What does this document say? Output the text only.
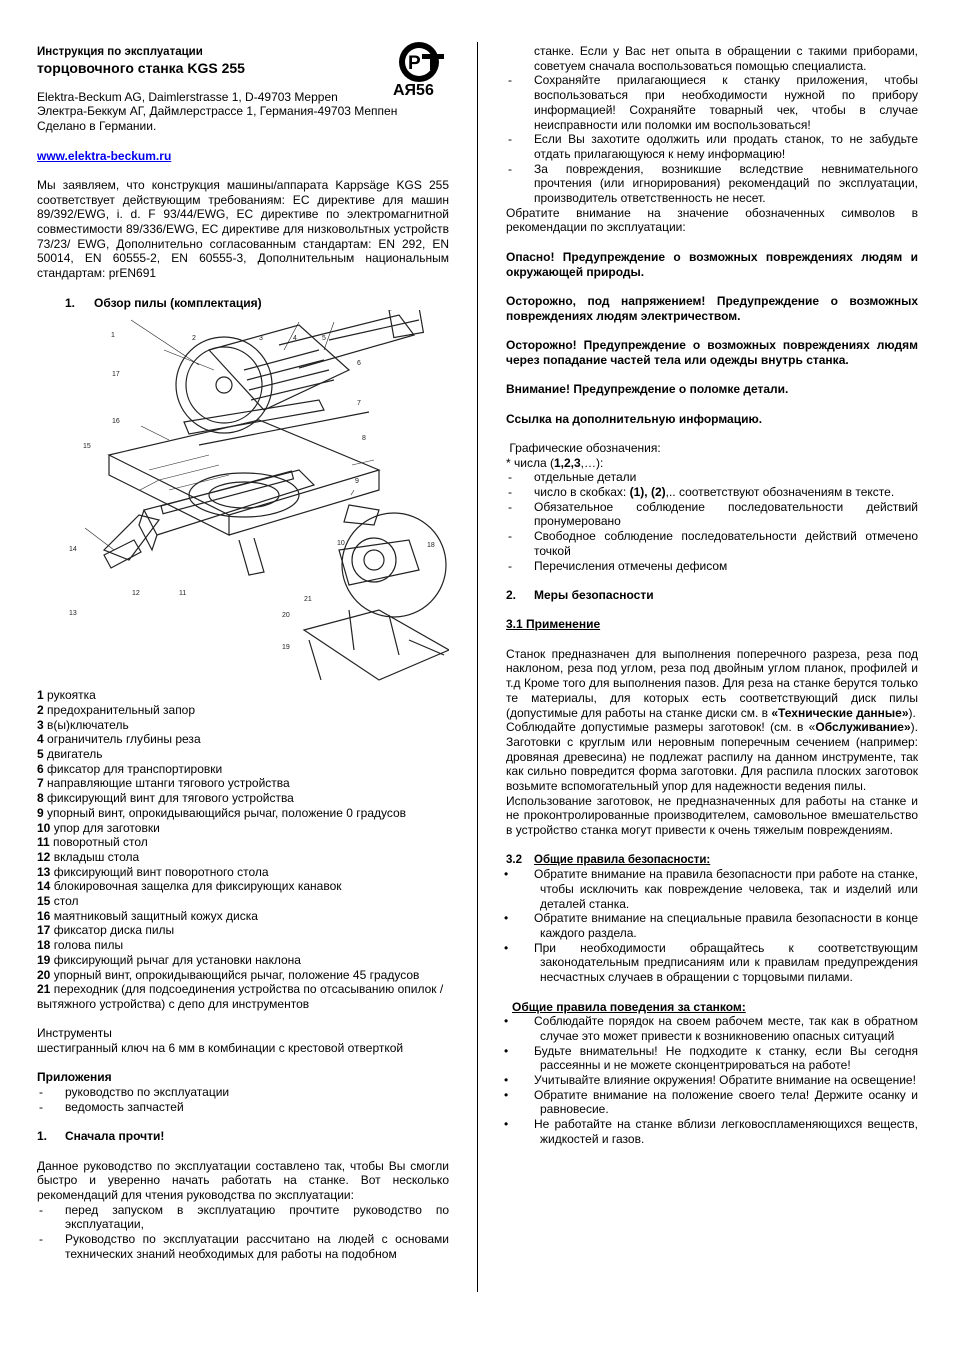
Р
АЯ56

Инструкция по эксплуатации

торцовочного станка KGS 255

Elektra-Beckum AG, Daimlerstrasse 1, D-49703 Meppen

Электра-Беккум АГ, Даймлерстрассе 1, Германия-49703 Меппен

Сделано в Германии.

www.elektra-beckum.ru

Мы заявляем, что конструкция машины/аппарата Kappsäge KGS 255 соответствует действующим требованиям: ЕС директиве для машин 89/392/EWG, i. d. F 93/44/EWG, ЕС директиве по электромагнитной совместимости 89/336/EWG, ЕС директиве для низковольтных устройств 73/23/ EWG, Дополнительно согласованным стандартам: EN 292, EN 50014, EN 60555-2, EN 60555-3, Дополнительным национальным стандартам: prEN691

1. Обзор пилы (комплектация)

1	2	3	4	5
6
7
8
9
10
11
12
13
14
15
16
17
18
19
20
21
1 рукоятка
2 предохранительный запор
3 в(ы)ключатель
4 ограничитель глубины реза
5 двигатель
6 фиксатор для транспортировки
7 направляющие штанги тягового устройства
8 фиксирующий винт для тягового устройства
9 упорный винт, опрокидывающийся рычаг, положение 0 градусов
10 упор для заготовки
11 поворотный стол
12 вкладыш стола
13 фиксирующий винт поворотного стола
14 блокировочная защелка для фиксирующих канавок
15 стол
16 маятниковый защитный кожух диска
17 фиксатор диска пилы
18 голова пилы
19 фиксирующий рычаг для установки наклона
20 упорный винт, опрокидывающийся рычаг, положение 45 градусов
21 переходник (для подсоединения устройства по отсасыванию опилок / вытяжного устройства) с депо для инструментов

Инструменты

шестигранный ключ на 6 мм в комбинации с крестовой отверткой

Приложения

- руководство по эксплуатации
- ведомость запчастей

1. Сначала прочти!

Данное руководство по эксплуатации составлено так, чтобы Вы смогли быстро и уверенно начать работать на станке. Вот несколько рекомендаций для чтения руководства по эксплуатации:

- перед запуском в эксплуатацию прочтите руководство по эксплуатации,
- Руководство по эксплуатации рассчитано на людей с основами технических знаний необходимых для работы на подобном

станке. Если у Вас нет опыта в обращении с такими приборами, советуем сначала воспользоваться помощью специалиста.

- Сохраняйте прилагающиеся к станку приложения, чтобы воспользоваться при необходимости нужной по прибору информацией! Сохраняйте товарный чек, чтобы в случае неисправности или поломки им воспользоваться!
- Если Вы захотите одолжить или продать станок, то не забудьте отдать прилагающуюся к нему информацию!
- За повреждения, возникшие вследствие невнимательного прочтения (или игнорирования) рекомендаций по эксплуатации, производитель ответственность не несет.

Обратите внимание на значение обозначенных символов в рекомендации по эксплуатации:

Опасно! Предупреждение о возможных повреждениях людям и окружающей природы.

Осторожно, под напряжением! Предупреждение о возможных повреждениях людям электричеством.

Осторожно! Предупреждение о возможных повреждениях людям через попадание частей тела или одежды внутрь станка.

Внимание! Предупреждение о поломке детали.

Ссылка на дополнительную информацию.

Графические обозначения:

* числа (1,2,3,…):

- отдельные детали
- число в скобках: (1), (2),.. соответствуют обозначениям в тексте.
- Обязательное соблюдение последовательности действий пронумеровано
- Свободное соблюдение последовательности действий отмечено точкой
- Перечисления отмечены дефисом

2. Меры безопасности

3.1 Применение

Станок предназначен для выполнения поперечного разреза, реза под наклоном, реза под углом, реза под двойным углом планок, профилей и т.д Кроме того для выполнения пазов. Для реза на станке берутся только те материалы, для которых есть соответствующий диск пилы (допустимые для работы на станке диски см. в «Технические данные»).

Соблюдайте допустимые размеры заготовок! (см. в «Обслуживание»). Заготовки с круглым или неровным поперечным сечением (например: дровяная древесина) не подлежат распилу на данном инструменте, так как сильно повредится форма заготовки. Для распила плоских заготовок возьмите вспомогательный упор для надежности ведения пилы.

Использование заготовок, не предназначенных для работы на станке и не проконтролированные производителем, самовольное вмешательство в устройство станка могут привести к очень тяжелым повреждениям.

3.2 Общие правила безопасности:

• Обратите внимание на правила безопасности при работе на станке, чтобы исключить как повреждение человека, так и изделий или деталей станка.
• Обратите внимание на специальные правила безопасности в конце каждого раздела.
• При необходимости обращайтесь к соответствующим законодательным предписаниям или к правилам предупреждения несчастных случаев в обращении с торцовыми пилами.

Общие правила поведения за станком:

• Соблюдайте порядок на своем рабочем месте, так как в обратном случае это может привести к возникновению опасных ситуаций
• Будьте внимательны! Не подходите к станку, если Вы сегодня рассеянны и не можете сконцентрироваться на работе!
• Учитывайте влияние окружения! Обратите внимание на освещение!
• Обратите внимание на положение своего тела! Держите осанку и равновесие.
• Не работайте на станке вблизи легковоспламеняющихся веществ, жидкостей и газов.
